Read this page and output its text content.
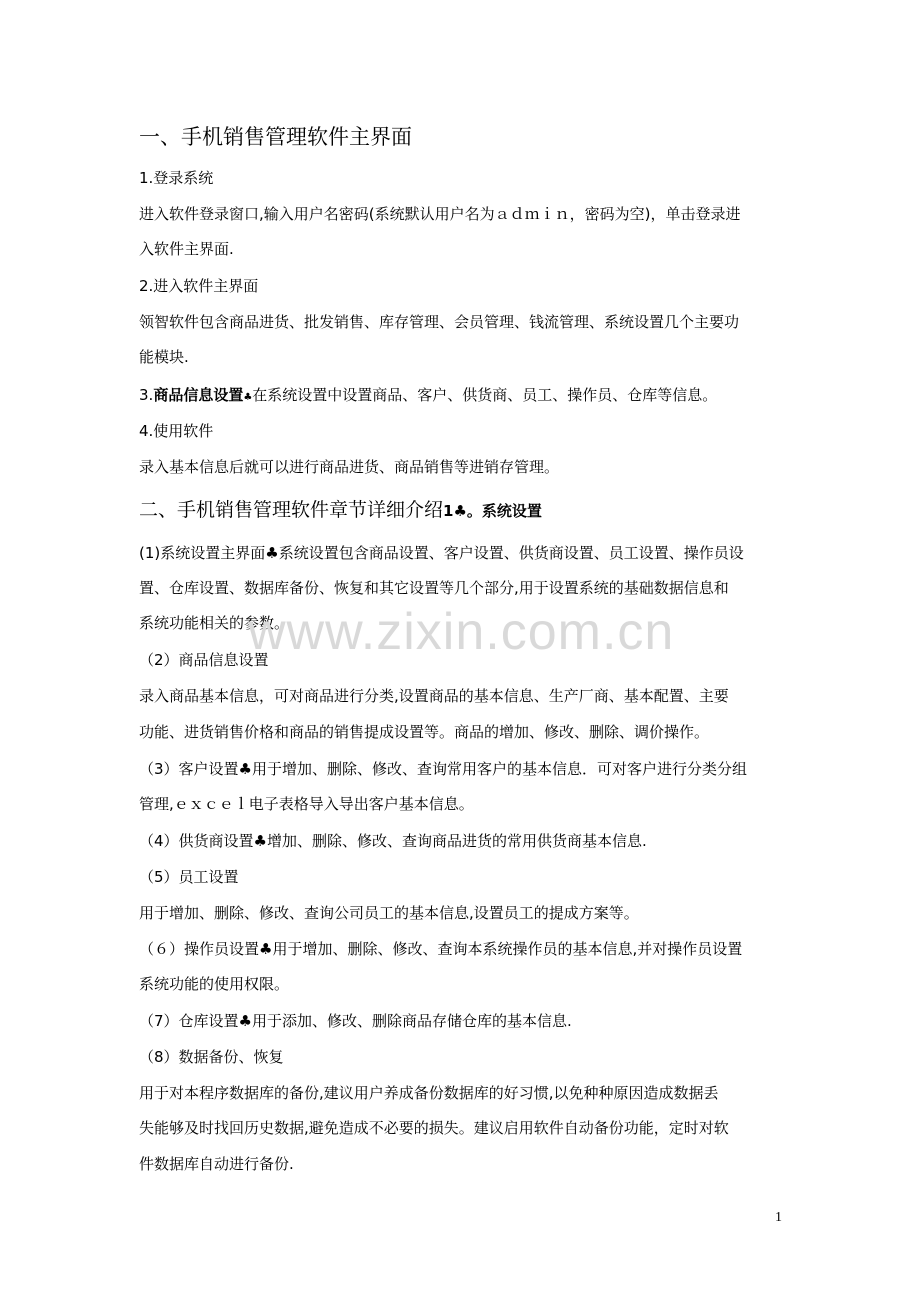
一、手机销售管理软件主界面
1.登录系统
进入软件登录窗口,输入用户名密码(系统默认用户名为ａｄｍｉｎ，密码为空)，单击登录进
入软件主界面.
2.进入软件主界面
领智软件包含商品进货、批发销售、库存管理、会员管理、钱流管理、系统设置几个主要功
能模块.
3.商品信息设置♣在系统设置中设置商品、客户、供货商、员工、操作员、仓库等信息。
4.使用软件
录入基本信息后就可以进行商品进货、商品销售等进销存管理。
二、手机销售管理软件章节详细介绍1♣。系统设置
(1)系统设置主界面♣系统设置包含商品设置、客户设置、供货商设置、员工设置、操作员设
置、仓库设置、数据库备份、恢复和其它设置等几个部分,用于设置系统的基础数据信息和
系统功能相关的参数。
（2）商品信息设置
录入商品基本信息，可对商品进行分类,设置商品的基本信息、生产厂商、基本配置、主要
功能、进货销售价格和商品的销售提成设置等。商品的增加、修改、删除、调价操作。
（3）客户设置♣用于增加、删除、修改、查询常用客户的基本信息．可对客户进行分类分组
管理,ｅｘｃｅｌ电子表格导入导出客户基本信息。
（4）供货商设置♣增加、删除、修改、查询商品进货的常用供货商基本信息.
（5）员工设置
用于增加、删除、修改、查询公司员工的基本信息,设置员工的提成方案等。
（６）操作员设置♣用于增加、删除、修改、查询本系统操作员的基本信息,并对操作员设置
系统功能的使用权限。
（7）仓库设置♣用于添加、修改、删除商品存储仓库的基本信息.
（8）数据备份、恢复
用于对本程序数据库的备份,建议用户养成备份数据库的好习惯,以免种种原因造成数据丢
失能够及时找回历史数据,避免造成不必要的损失。建议启用软件自动备份功能，定时对软
件数据库自动进行备份.
www.zixin.com.cn
1
